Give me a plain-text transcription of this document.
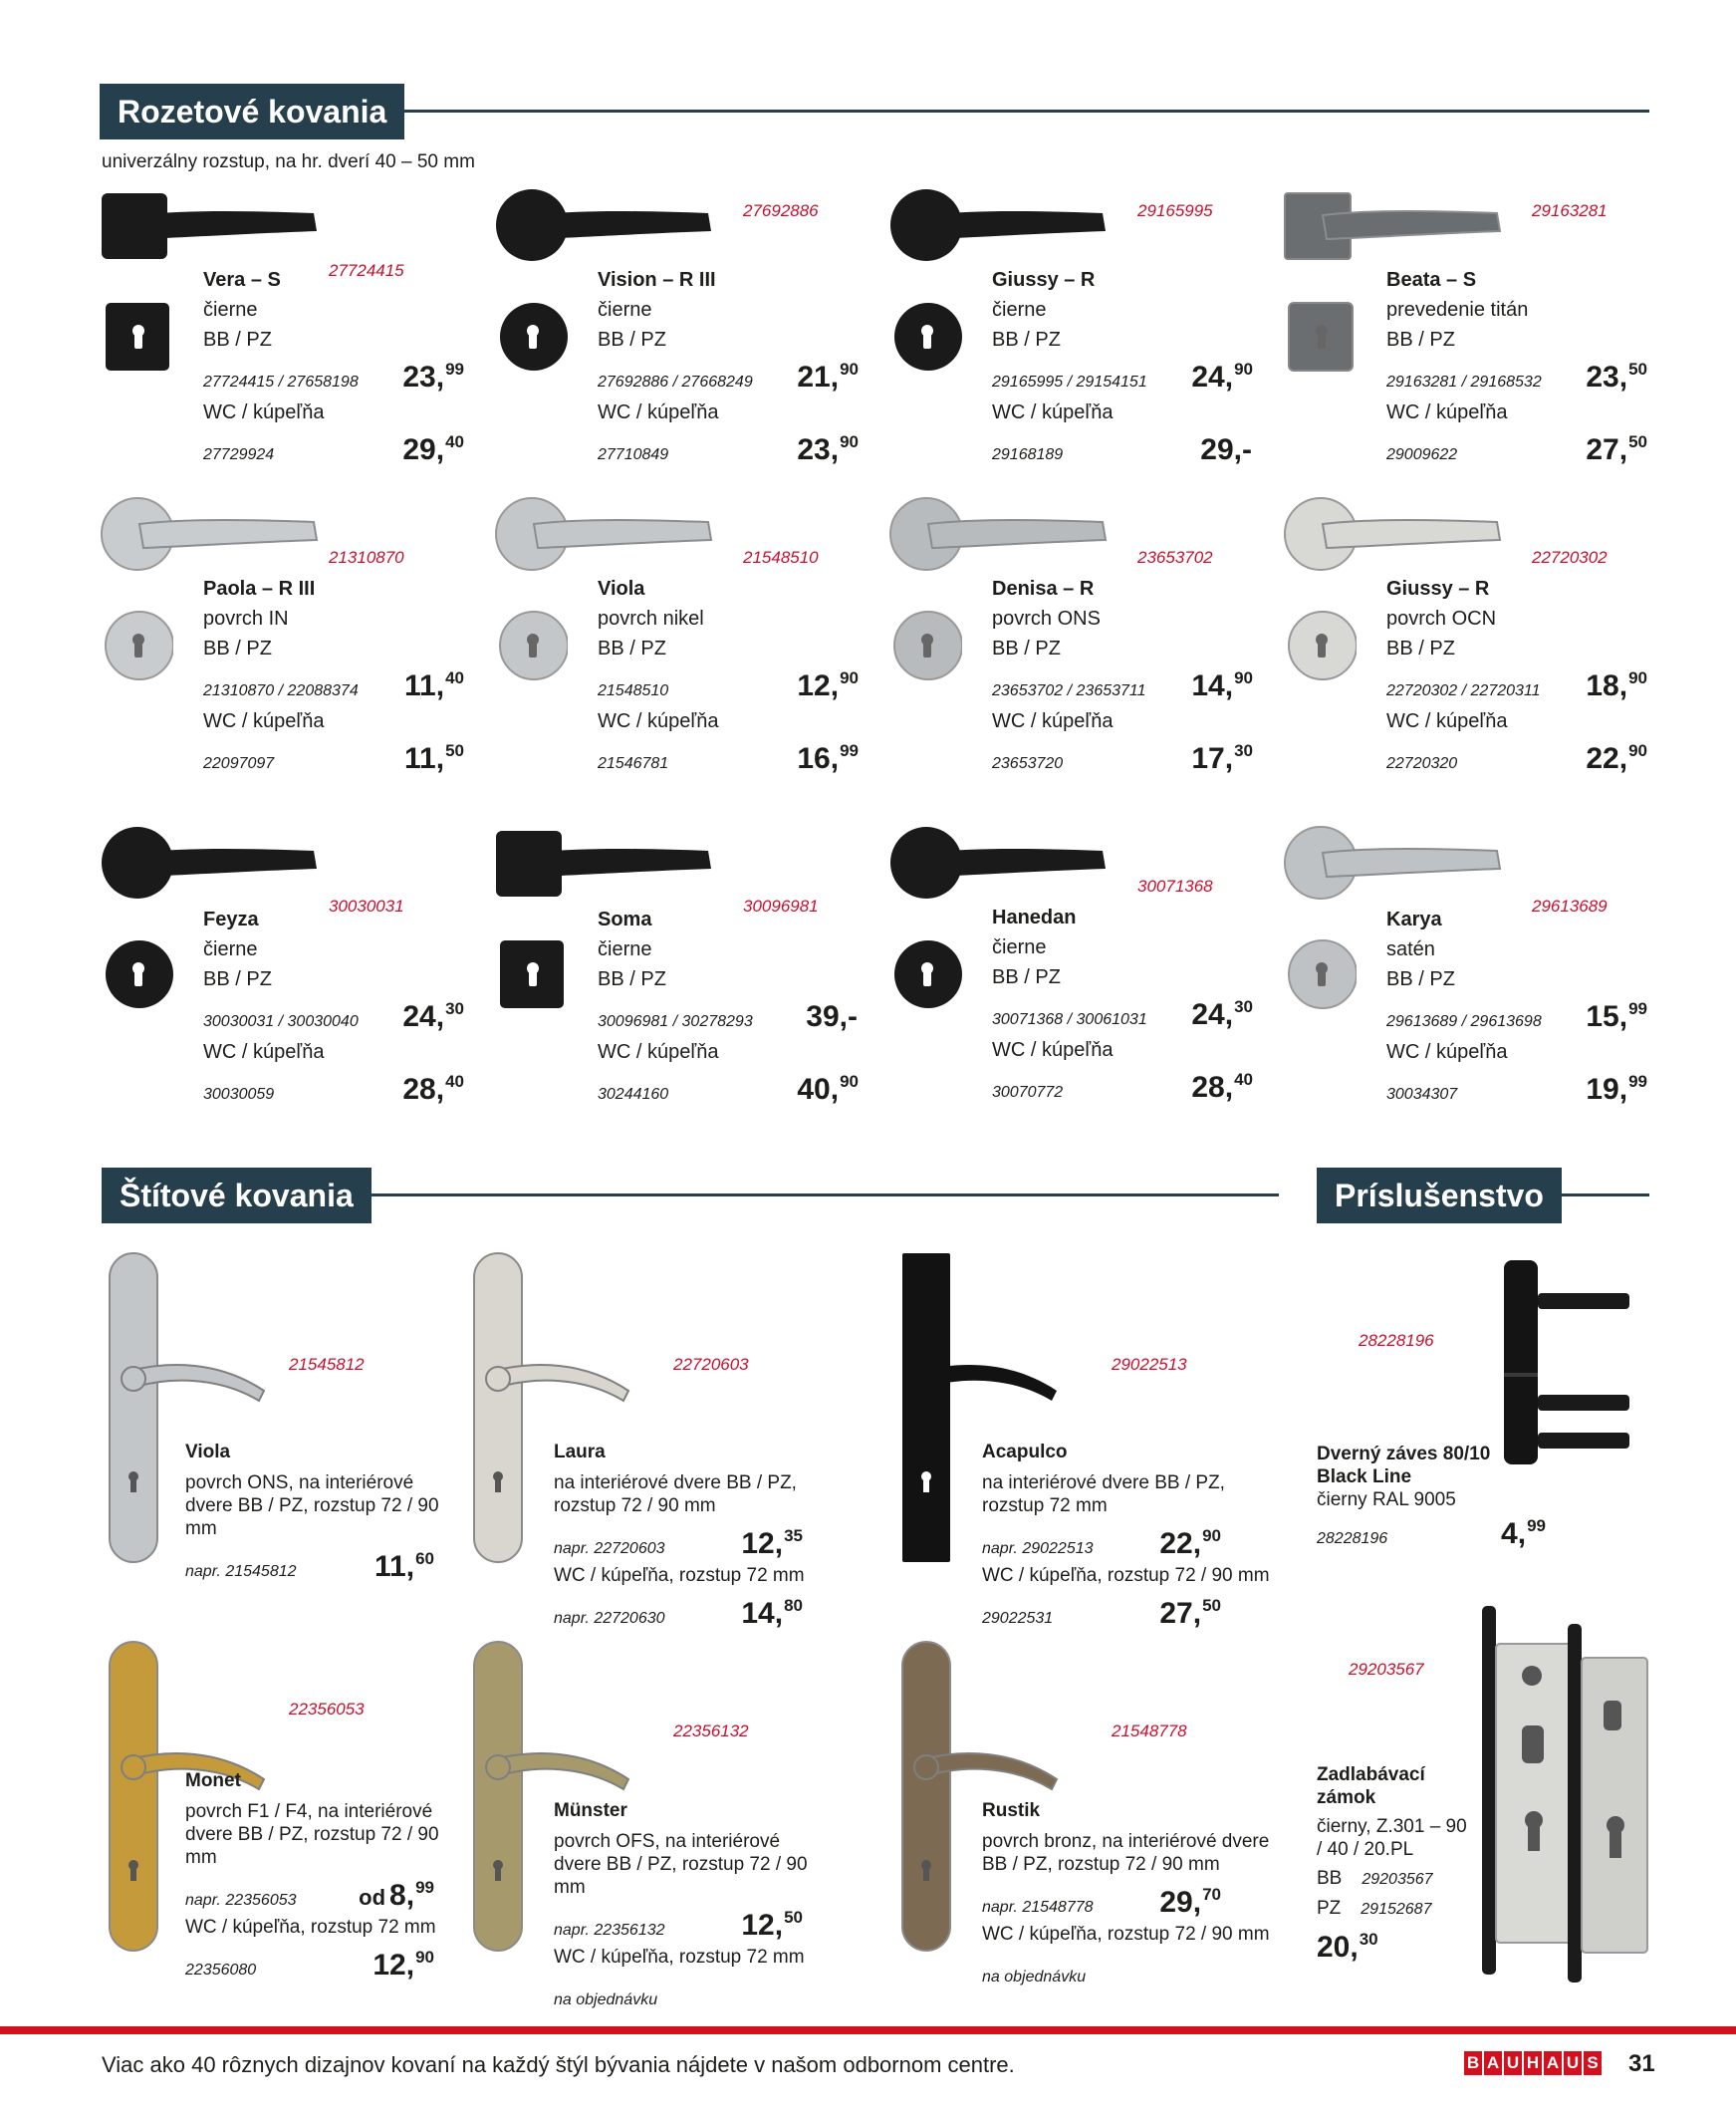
Rozetové kovania
univerzálny rozstup, na hr. dverí 40 – 50 mm
Štítové kovania	Príslušenstvo
27724415
Vera – S
čierne
BB / PZ
27724415 / 27658198 23,99
WC / kúpeľňa
27729924	29,40
27692886
Vision – R III
čierne
BB / PZ
27692886 / 27668249 21,90
WC / kúpeľňa
27710849	23,90
29165995
Giussy – R
čierne
BB / PZ
29165995 / 29154151 24,90
WC / kúpeľňa
29168189	29,-
29163281
Beata – S
prevedenie titán
BB / PZ
29163281 / 29168532 23,50
WC / kúpeľňa
29009622	27,50
21310870
Paola – R III
povrch IN
BB / PZ
21310870 / 22088374 11,40
WC / kúpeľňa
22097097	11,50
21548510
Viola
povrch nikel
BB / PZ
21548510	12,90
WC / kúpeľňa
21546781	16,99
23653702
Denisa – R
povrch ONS
BB / PZ
23653702 / 23653711 14,90
WC / kúpeľňa
23653720	17,30
22720302
Giussy – R
povrch OCN
BB / PZ
22720302 / 22720311 18,90
WC / kúpeľňa
22720320	22,90
30030031
Feyza
čierne
BB / PZ
30030031 / 30030040 24,30
WC / kúpeľňa
30030059	28,40
30096981
Soma
čierne
BB / PZ
30096981 / 30278293 39,-
WC / kúpeľňa
30244160	40,90
30071368
Hanedan
čierne
BB / PZ
30071368 / 30061031 24,30
WC / kúpeľňa
30070772	28,40
29613689
Karya
satén
BB / PZ
29613689 / 29613698 15,99
WC / kúpeľňa
30034307	19,99
21545812
Viola
povrch ONS, na interiérové dvere BB / PZ, rozstup 72 / 90 mm
napr. 21545812	11,60
22720603
Laura
na interiérové dvere BB / PZ, rozstup 72 / 90 mm
napr. 22720603	12,35
WC / kúpeľňa, rozstup 72 mm
napr. 22720630	14,80
29022513
Acapulco
na interiérové dvere BB / PZ, rozstup 72 mm
napr. 29022513 22,90
WC / kúpeľňa, rozstup 72 / 90 mm
29022531	27,50
22356053
Monet
povrch F1 / F4, na interiérové dvere BB / PZ, rozstup 72 / 90 mm
napr. 22356053	od 8,99
WC / kúpeľňa, rozstup 72 mm
22356080	12,90
22356132
Münster
povrch OFS, na interiérové dvere BB / PZ, rozstup 72 / 90 mm
napr. 22356132	12,50
WC / kúpeľňa, rozstup 72 mm
na objednávku
21548778
Rustik
povrch bronz, na interiérové dvere BB / PZ, rozstup 72 / 90 mm
napr. 21548778 29,70
WC / kúpeľňa, rozstup 72 / 90 mm
na objednávku
28228196
Dverný záves 80/10 Black Line
čierny RAL 9005
28228196	4,99
29203567
Zadlabávací zámok
čierny, Z.301 – 90 / 40 / 20.PL
BB 29203567
PZ 29152687
20,30
Viac ako 40 rôznych dizajnov kovaní na každý štýl bývania nájdete v našom odbornom centre.	B A U H A U S 31
